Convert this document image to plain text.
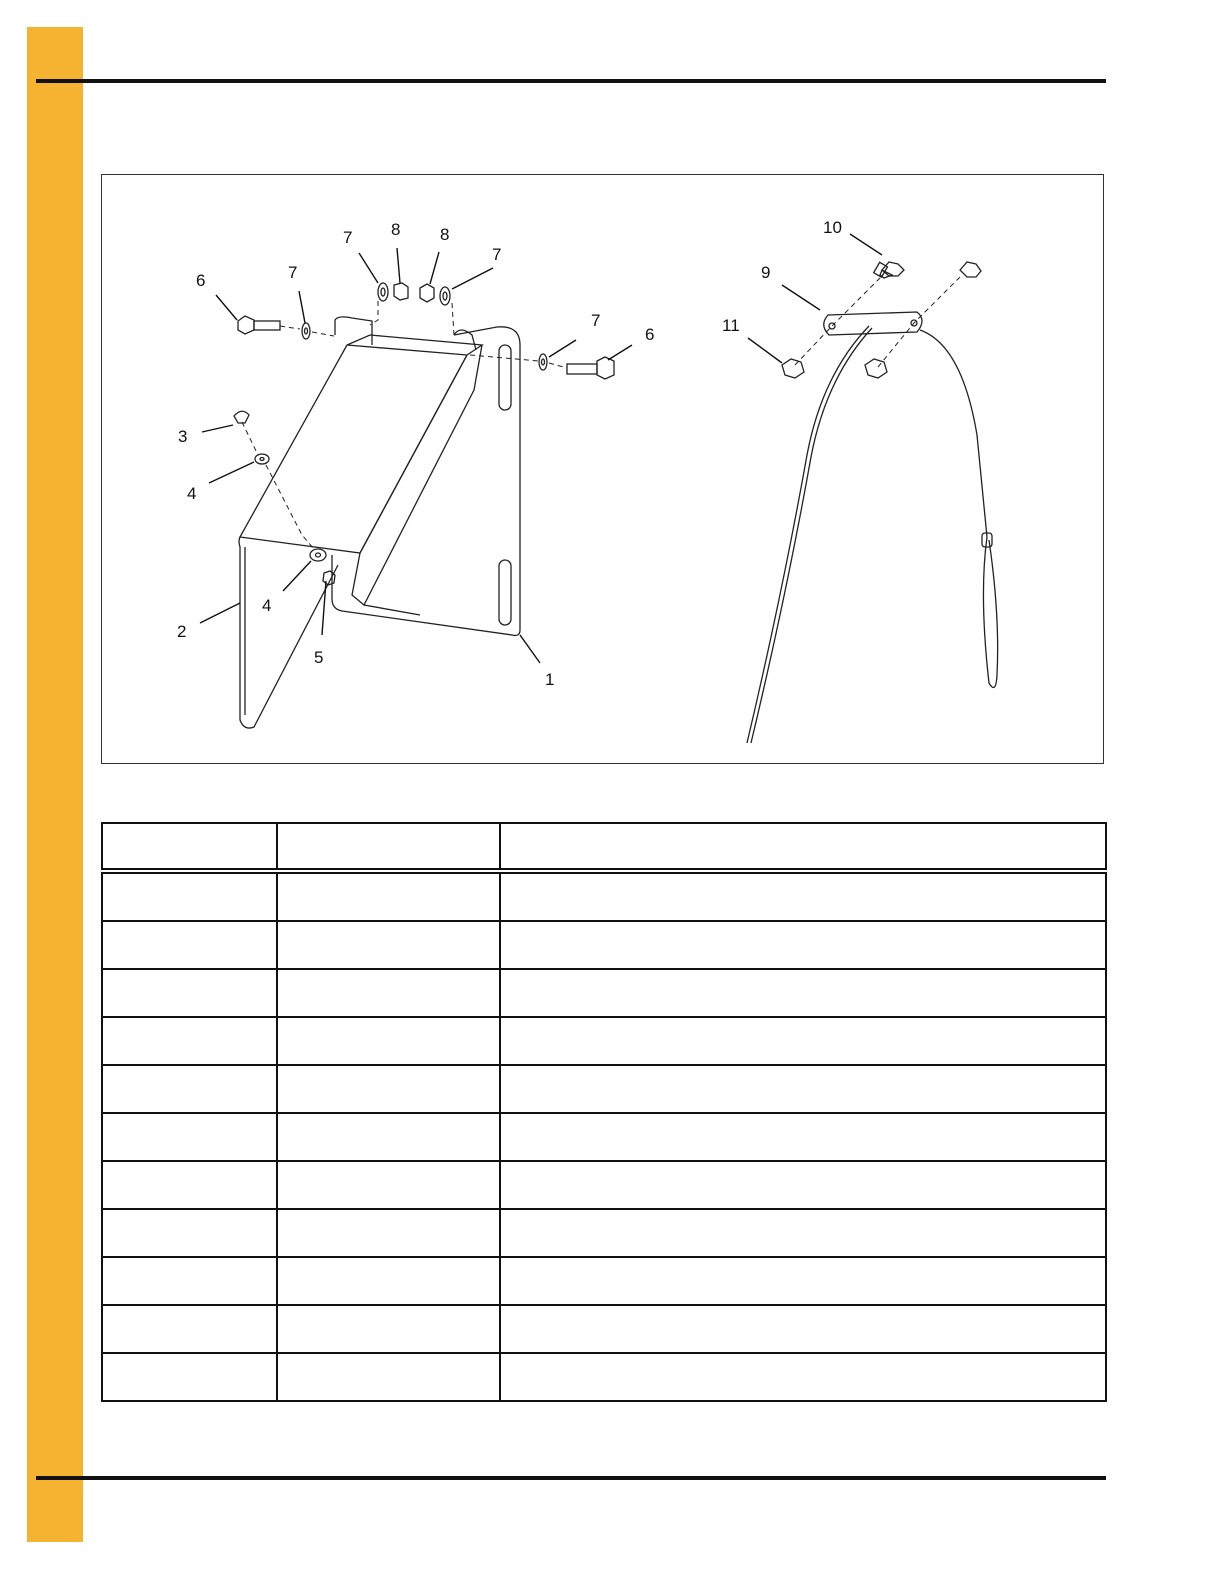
1
2
3
4
4
5
6
6
7
7
7
7
8 8
9
10
11
